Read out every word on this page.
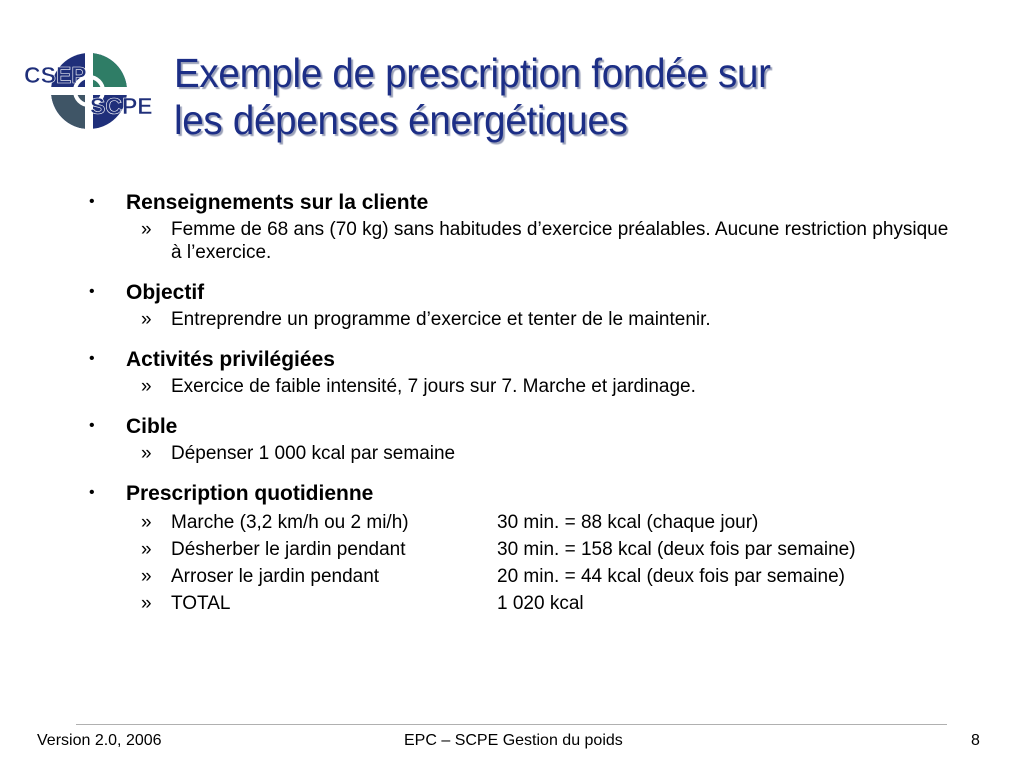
CSEP
SCPE
Exemple de prescription fondée sur
les dépenses énergétiques
• Renseignements sur la cliente
» Femme de 68 ans (70 kg) sans habitudes d’exercice préalables. Aucune restriction physique à l’exercice.
• Objectif
» Entreprendre un programme d’exercice et tenter de le maintenir.
• Activités privilégiées
» Exercice de faible intensité, 7 jours sur 7. Marche et jardinage.
• Cible
» Dépenser 1 000 kcal par semaine
• Prescription quotidienne
» Marche (3,2 km/h ou 2 mi/h)	30 min. = 88 kcal (chaque jour)
» Désherber le jardin pendant	30 min. = 158 kcal (deux fois par semaine)
» Arroser le jardin pendant	20 min. = 44 kcal (deux fois par semaine)
» TOTAL	1 020 kcal
Version 2.0, 2006	EPC – SCPE Gestion du poids	8
